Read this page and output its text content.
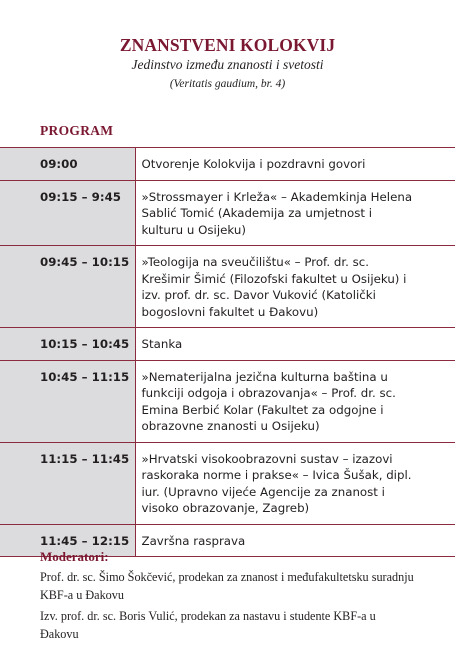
ZNANSTVENI KOLOKVIJ
Jedinstvo između znanosti i svetosti
(Veritatis gaudium, br. 4)
PROGRAM
09:00	Otvorenje Kolokvija i pozdravni govori
09:15 – 9:45	»Strossmayer i Krleža« – Akademkinja Helena Sablić Tomić (Akademija za umjetnost i kulturu u Osijeku)
09:45 – 10:15	»Teologija na sveučilištu« – Prof. dr. sc. Krešimir Šimić (Filozofski fakultet u Osijeku) i izv. prof. dr. sc. Davor Vuković (Katolički bogoslovni fakultet u Đakovu)
10:15 – 10:45	Stanka
10:45 – 11:15	»Nematerijalna jezična kulturna baština u funkciji odgoja i obrazovanja« – Prof. dr. sc. Emina Berbić Kolar (Fakultet za odgojne i obrazovne znanosti u Osijeku)
11:15 – 11:45	»Hrvatski visokoobrazovni sustav – izazovi raskoraka norme i prakse« – Ivica Šušak, dipl. iur. (Upravno vijeće Agencije za znanost i visoko obrazovanje, Zagreb)
11:45 – 12:15	Završna rasprava
Moderatori:
Prof. dr. sc. Šimo Šokčević, prodekan za znanost i međufakultetsku suradnju KBF-a u Đakovu
Izv. prof. dr. sc. Boris Vulić, prodekan za nastavu i studente KBF-a u Đakovu
